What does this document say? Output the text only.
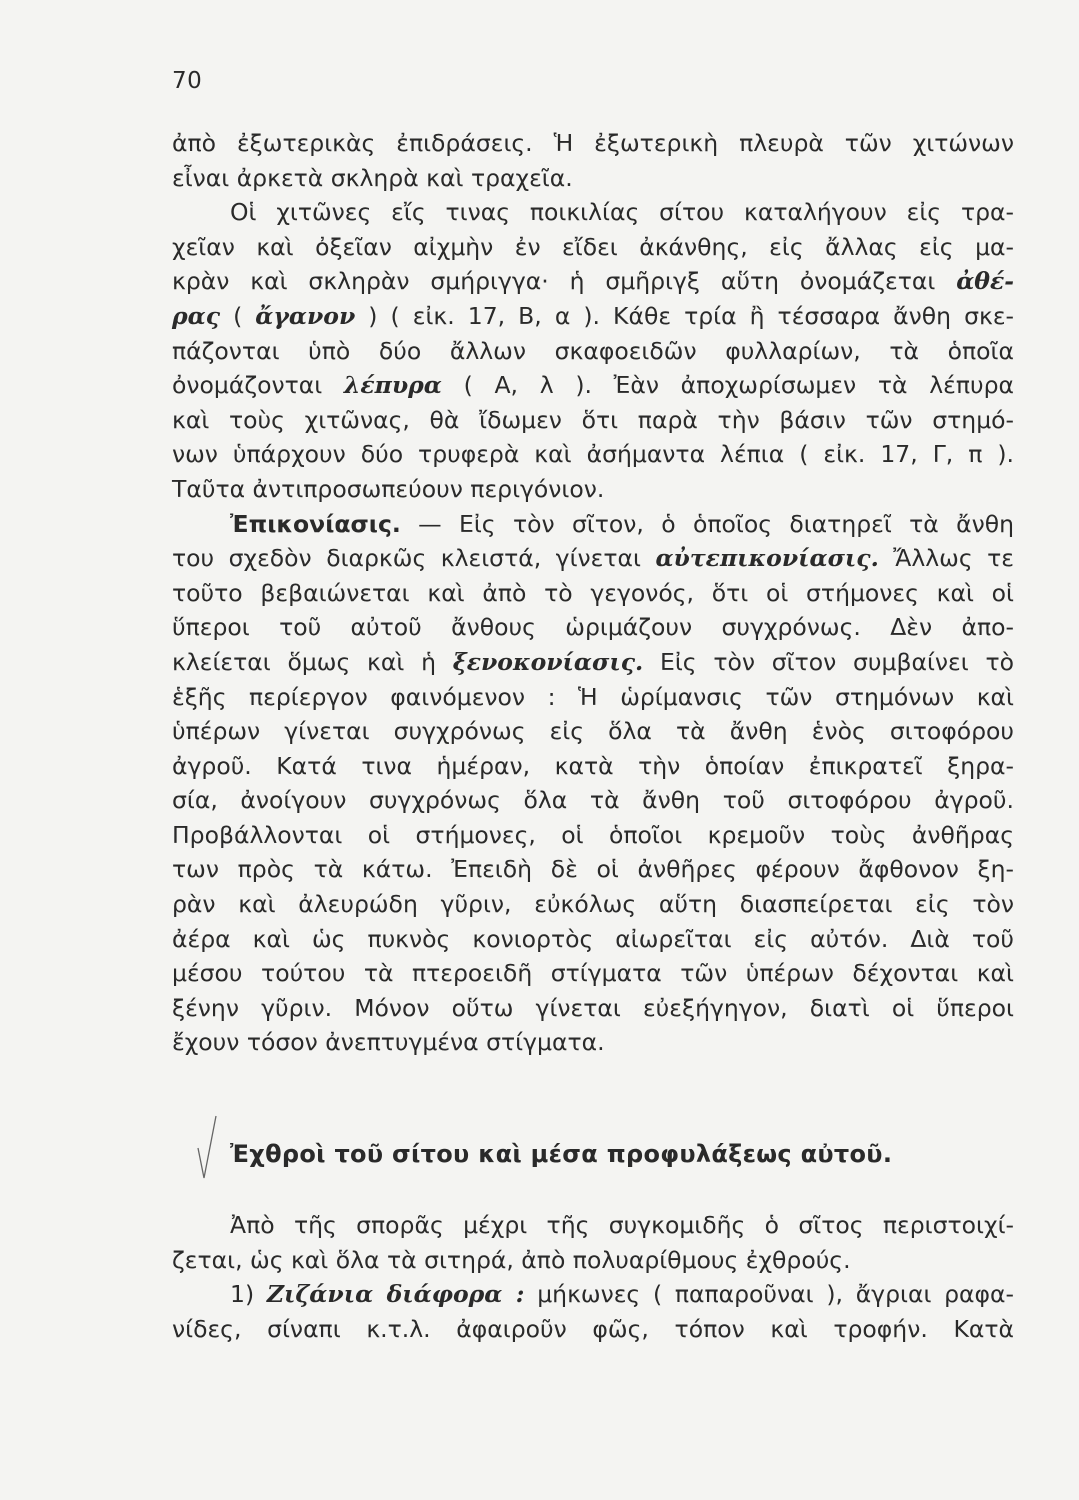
70
ἀπὸ ἐξωτερικὰς ἐπιδράσεις. Ἡ ἐξωτερικὴ πλευρὰ τῶν χιτώνων
εἶναι ἀρκετὰ σκληρὰ καὶ τραχεῖα.
Οἱ χιτῶνες εἴς τινας ποικιλίας σίτου καταλήγουν εἰς τρα-
χεῖαν καὶ ὀξεῖαν αἰχμὴν ἐν εἴδει ἀκάνθης, εἰς ἄλλας εἰς μα-
κρὰν καὶ σκληρὰν σμήριγγα· ἡ σμῆριγξ αὕτη ὀνομάζεται ἀθέ-
ρας ( ἄγανον ) ( εἰκ. 17, Β, α ). Κάθε τρία ἢ τέσσαρα ἄνθη σκε-
πάζονται ὑπὸ δύο ἄλλων σκαφοειδῶν φυλλαρίων, τὰ ὁποῖα
ὀνομάζονται λέπυρα ( Α, λ ). Ἐὰν ἀποχωρίσωμεν τὰ λέπυρα
καὶ τοὺς χιτῶνας, θὰ ἴδωμεν ὅτι παρὰ τὴν βάσιν τῶν στημό-
νων ὑπάρχουν δύο τρυφερὰ καὶ ἀσήμαντα λέπια ( εἰκ. 17, Γ, π ).
Ταῦτα ἀντιπροσωπεύουν περιγόνιον.
Ἐπικονίασις. — Εἰς τὸν σῖτον, ὁ ὁποῖος διατηρεῖ τὰ ἄνθη
του σχεδὸν διαρκῶς κλειστά, γίνεται αὐτεπικονίασις. Ἄλλως τε
τοῦτο βεβαιώνεται καὶ ἀπὸ τὸ γεγονός, ὅτι οἱ στήμονες καὶ οἱ
ὕπεροι τοῦ αὐτοῦ ἄνθους ὡριμάζουν συγχρόνως. Δὲν ἀπο-
κλείεται ὅμως καὶ ἡ ξενοκονίασις. Εἰς τὸν σῖτον συμβαίνει τὸ
ἑξῆς περίεργον φαινόμενον : Ἡ ὡρίμανσις τῶν στημόνων καὶ
ὑπέρων γίνεται συγχρόνως εἰς ὅλα τὰ ἄνθη ἑνὸς σιτοφόρου
ἀγροῦ. Κατά τινα ἡμέραν, κατὰ τὴν ὁποίαν ἐπικρατεῖ ξηρα-
σία, ἀνοίγουν συγχρόνως ὅλα τὰ ἄνθη τοῦ σιτοφόρου ἀγροῦ.
Προβάλλονται οἱ στήμονες, οἱ ὁποῖοι κρεμοῦν τοὺς ἀνθῆρας
των πρὸς τὰ κάτω. Ἐπειδὴ δὲ οἱ ἀνθῆρες φέρουν ἄφθονον ξη-
ρὰν καὶ ἀλευρώδη γῦριν, εὐκόλως αὕτη διασπείρεται εἰς τὸν
ἀέρα καὶ ὡς πυκνὸς κονιορτὸς αἰωρεῖται εἰς αὐτόν. Διὰ τοῦ
μέσου τούτου τὰ πτεροειδῆ στίγματα τῶν ὑπέρων δέχονται καὶ
ξένην γῦριν. Μόνον οὕτω γίνεται εὐεξήγηγον, διατὶ οἱ ὕπεροι
ἔχουν τόσον ἀνεπτυγμένα στίγματα.
Ἐχθροὶ τοῦ σίτου καὶ μέσα προφυλάξεως αὐτοῦ.
Ἀπὸ τῆς σπορᾶς μέχρι τῆς συγκομιδῆς ὁ σῖτος περιστοιχί-
ζεται, ὡς καὶ ὅλα τὰ σιτηρά, ἀπὸ πολυαρίθμους ἐχθρούς.
1) Ζιζάνια διάφορα : μήκωνες ( παπαροῦναι ), ἄγριαι ραφα-
νίδες, σίναπι κ.τ.λ. ἀφαιροῦν φῶς, τόπον καὶ τροφήν. Κατὰ
